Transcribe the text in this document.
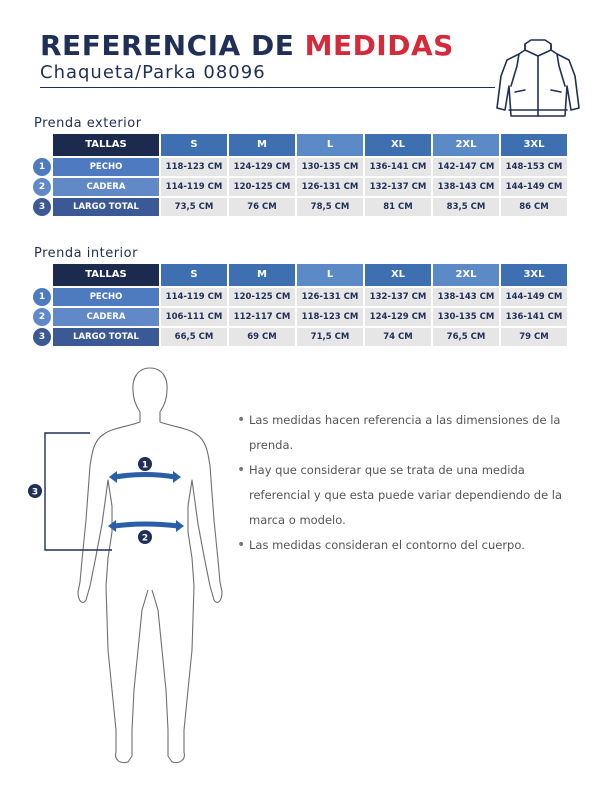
REFERENCIA DE MEDIDAS
Chaqueta/Parka 08096
Prenda exterior
TALLAS	S	M	L	XL	2XL	3XL
1	PECHO	118-123 CM	124-129 CM	130-135 CM	136-141 CM	142-147 CM	148-153 CM
2	CADERA	114-119 CM	120-125 CM	126-131 CM	132-137 CM	138-143 CM	144-149 CM
3	LARGO TOTAL	73,5 CM	76 CM	78,5 CM	81 CM	83,5 CM	86 CM
Prenda interior
TALLAS	S	M	L	XL	2XL	3XL
1	PECHO	114-119 CM	120-125 CM	126-131 CM	132-137 CM	138-143 CM	144-149 CM
2	CADERA	106-111 CM	112-117 CM	118-123 CM	124-129 CM	130-135 CM	136-141 CM
3	LARGO TOTAL	66,5 CM	69 CM	71,5 CM	74 CM	76,5 CM	79 CM
1
2
3
• Las medidas hacen referencia a las dimensiones de la prenda.
• Hay que considerar que se trata de una medida referencial y que esta puede variar dependiendo de la marca o modelo.
• Las medidas consideran el contorno del cuerpo.
